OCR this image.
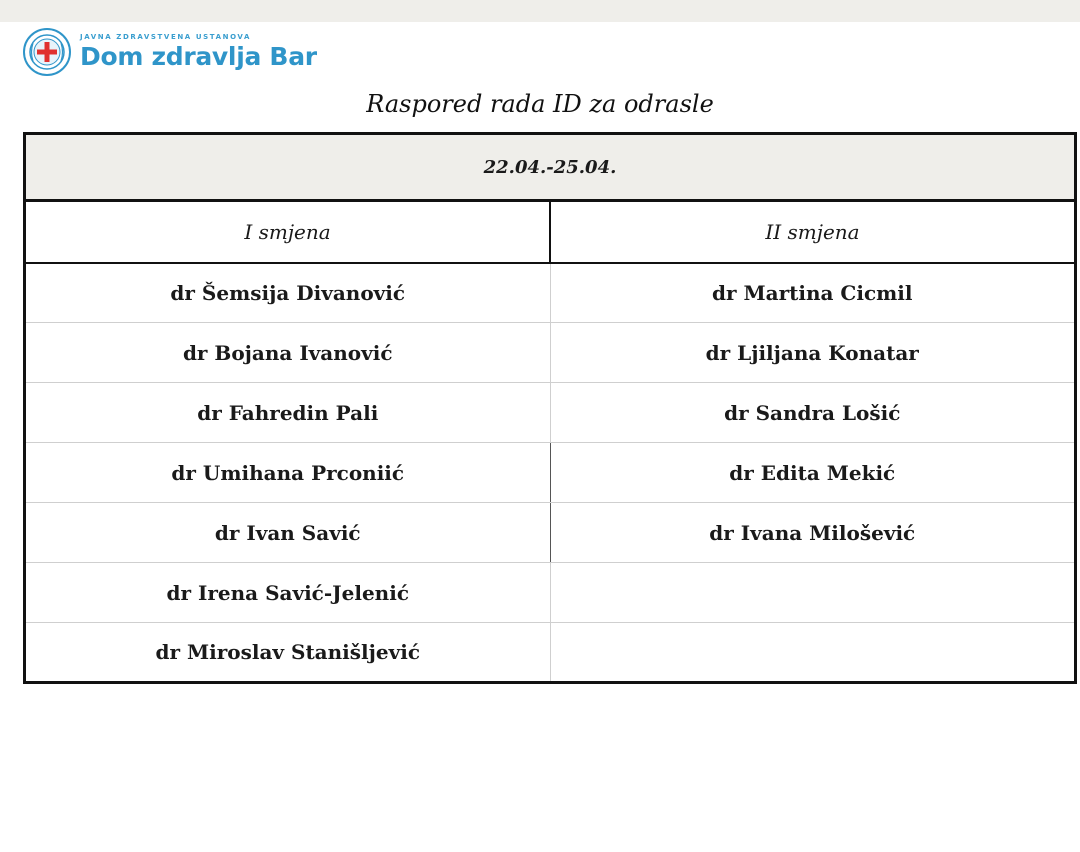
JAVNA ZDRAVSTVENA USTANOVA
Dom zdravlja Bar
Raspored rada ID za odrasle
22.04.-25.04.	
I smjena	II smjena
dr Šemsija Divanović	dr Martina Cicmil
dr Bojana Ivanović	dr Ljiljana Konatar
dr Fahredin Pali	dr Sandra Lošić
dr Umihana Prconiić	dr Edita Mekić
dr Ivan Savić	dr Ivana Milošević
dr Irena Savić-Jelenić	
dr Miroslav Stanišljević	
